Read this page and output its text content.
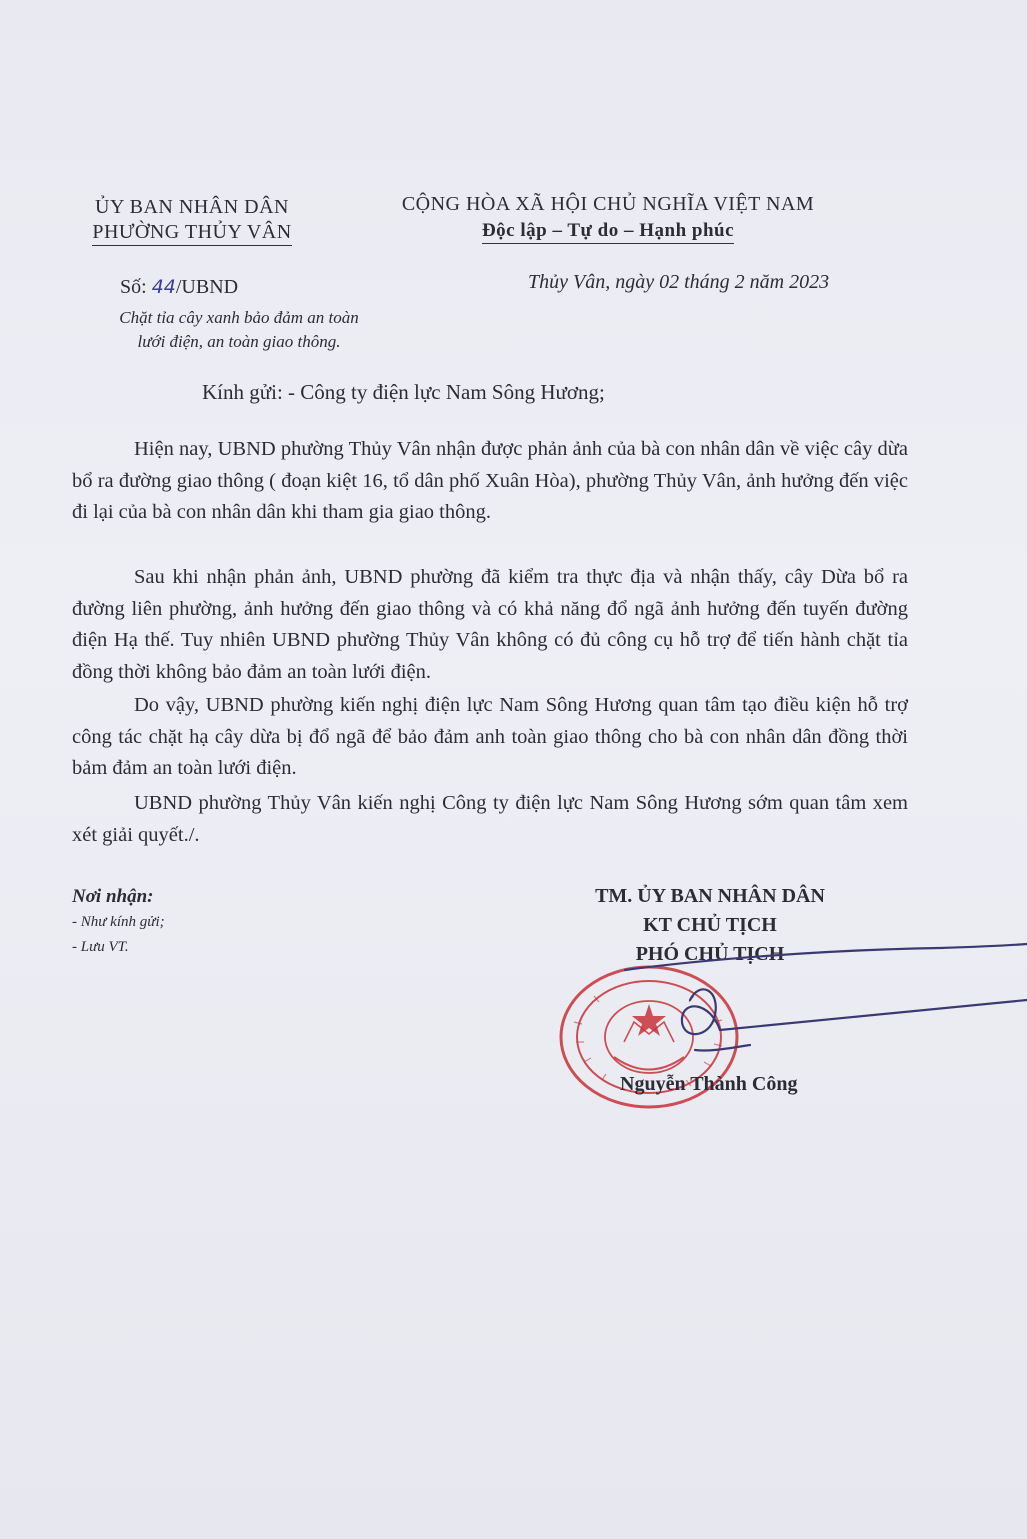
ỦY BAN NHÂN DÂN
PHƯỜNG THỦY VÂN
CỘNG HÒA XÃ HỘI CHỦ NGHĨA VIỆT NAM
Độc lập – Tự do – Hạnh phúc
Số: 44/UBND
Chặt tỉa cây xanh bảo đảm an toàn
lưới điện, an toàn giao thông.
Thủy Vân, ngày 02 tháng 2 năm 2023
Kính gửi: - Công ty điện lực Nam Sông Hương;
Hiện nay, UBND phường Thủy Vân nhận được phản ảnh của bà con nhân dân về việc cây dừa bổ ra đường giao thông ( đoạn kiệt 16, tổ dân phố Xuân Hòa), phường Thủy Vân, ảnh hưởng đến việc đi lại của bà con nhân dân khi tham gia giao thông.
Sau khi nhận phản ảnh, UBND phường đã kiểm tra thực địa và nhận thấy, cây Dừa bổ ra đường liên phường, ảnh hưởng đến giao thông và có khả năng đổ ngã ảnh hưởng đến tuyến đường điện Hạ thế. Tuy nhiên UBND phường Thủy Vân không có đủ công cụ hỗ trợ để tiến hành chặt tỉa đồng thời không bảo đảm an toàn lưới điện.
Do vậy, UBND phường kiến nghị điện lực Nam Sông Hương quan tâm tạo điều kiện hỗ trợ công tác chặt hạ cây dừa bị đổ ngã để bảo đảm anh toàn giao thông cho bà con nhân dân đồng thời bảm đảm an toàn lưới điện.
UBND phường Thủy Vân kiến nghị Công ty điện lực Nam Sông Hương sớm quan tâm xem xét giải quyết./.
Nơi nhận:
- Như kính gửi;
- Lưu VT.
TM. ỦY BAN NHÂN DÂN
KT CHỦ TỊCH
PHÓ CHỦ TỊCH
Nguyễn Thành Công
